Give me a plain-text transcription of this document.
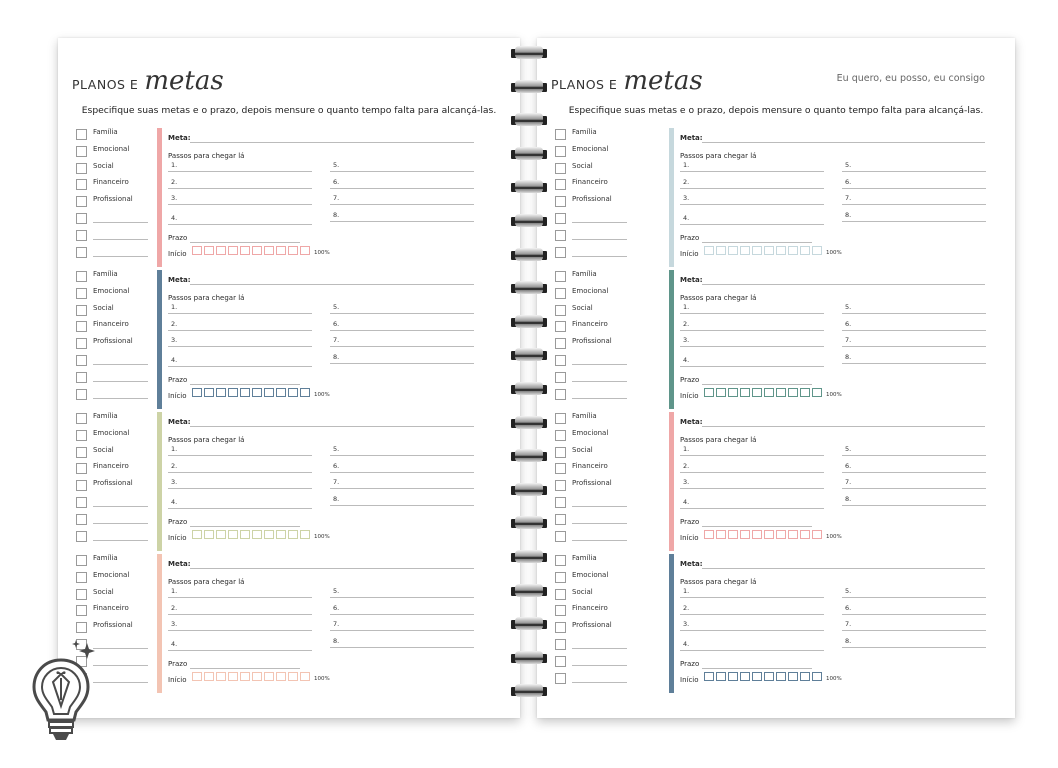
PLANOS E metas
Especifique suas metas e o prazo, depois mensure o quanto tempo falta para alcançá-las.
Família
Emocional
Social
Financeiro
Profissional
Meta:
Passos para chegar lá
1.
2.
3.
4.
5.
6.
7.
8.
Prazo
Início	100%
Família
Emocional
Social
Financeiro
Profissional
Meta:
Passos para chegar lá
1.
2.
3.
4.
5.
6.
7.
8.
Prazo
Início	100%
Família
Emocional
Social
Financeiro
Profissional
Meta:
Passos para chegar lá
1.
2.
3.
4.
5.
6.
7.
8.
Prazo
Início	100%
Família
Emocional
Social
Financeiro
Profissional
Meta:
Passos para chegar lá
1.
2.
3.
4.
5.
6.
7.
8.
Prazo
Início	100%
PLANOS E metas	Eu quero, eu posso, eu consigo
Especifique suas metas e o prazo, depois mensure o quanto tempo falta para alcançá-las.
Família
Emocional
Social
Financeiro
Profissional
Meta:
Passos para chegar lá
1.
2.
3.
4.
5.
6.
7.
8.
Prazo
Início	100%
Família
Emocional
Social
Financeiro
Profissional
Meta:
Passos para chegar lá
1.
2.
3.
4.
5.
6.
7.
8.
Prazo
Início	100%
Família
Emocional
Social
Financeiro
Profissional
Meta:
Passos para chegar lá
1.
2.
3.
4.
5.
6.
7.
8.
Prazo
Início	100%
Família
Emocional
Social
Financeiro
Profissional
Meta:
Passos para chegar lá
1.
2.
3.
4.
5.
6.
7.
8.
Prazo
Início	100%
